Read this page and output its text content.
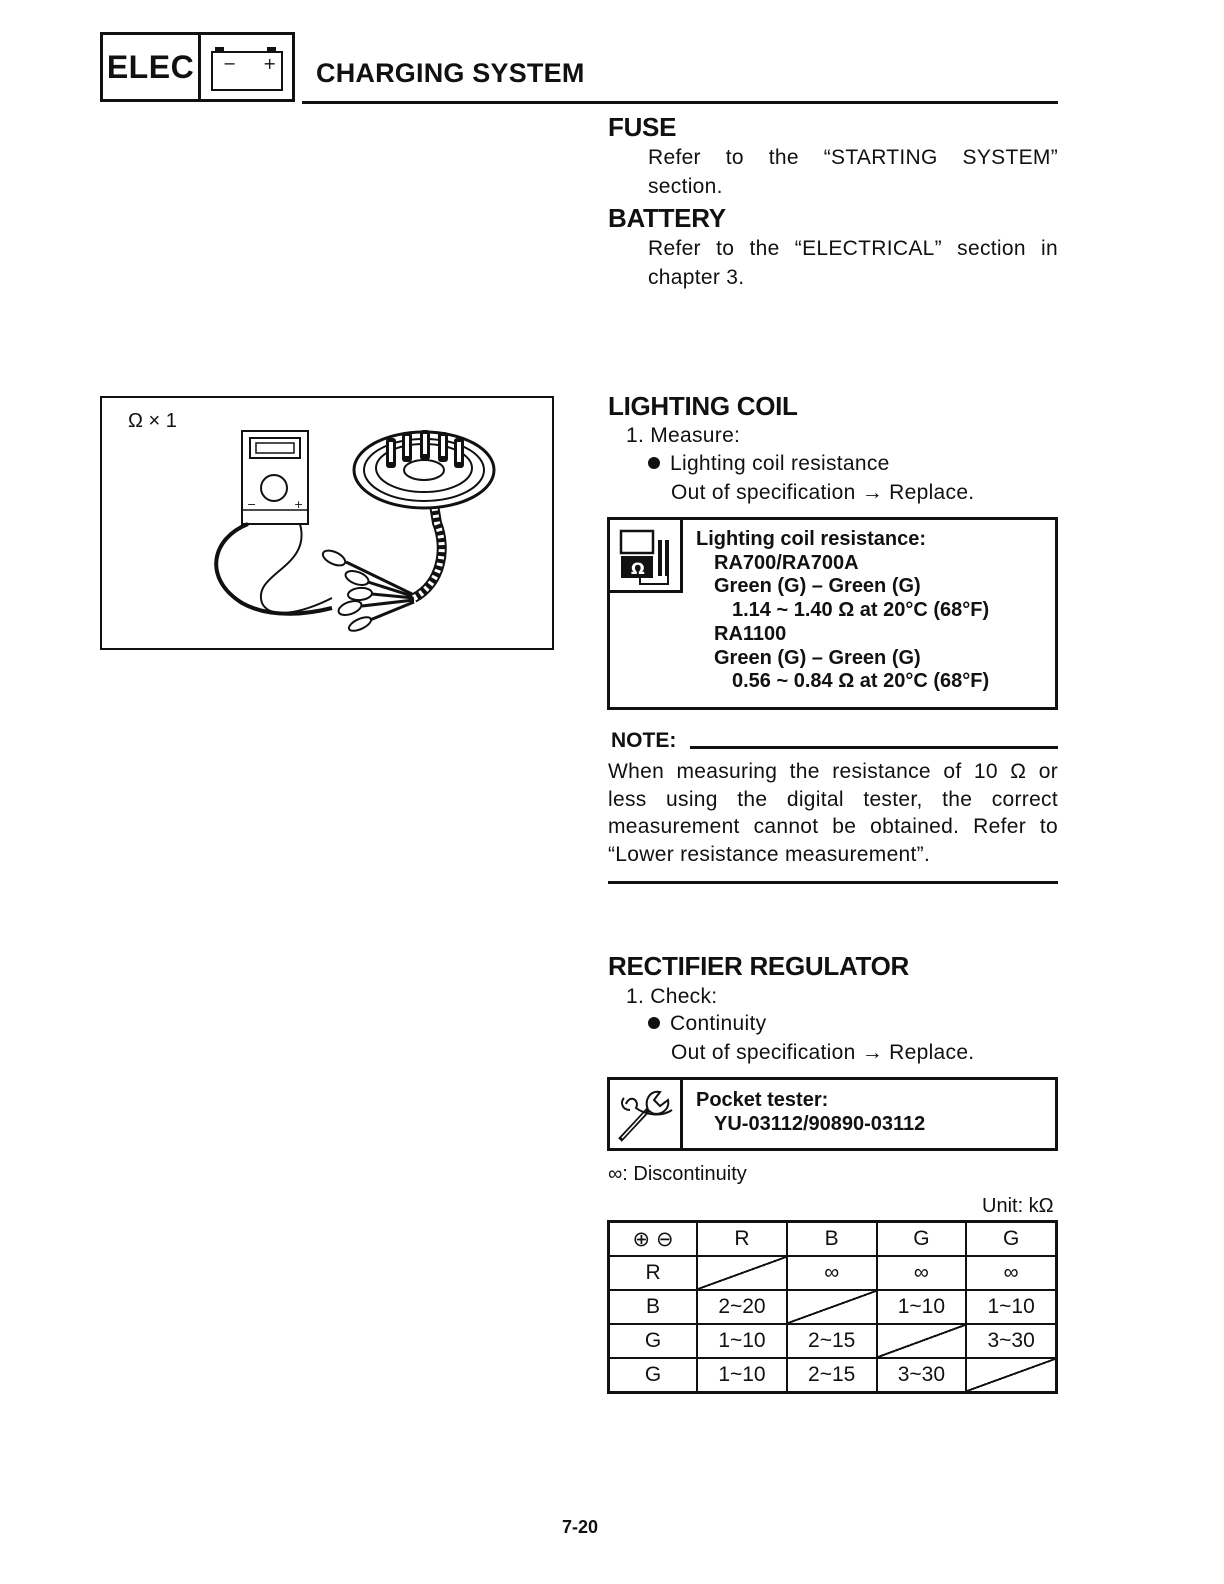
ELEC	− + CHARGING SYSTEM
FUSE
Refer to the “STARTING SYSTEM” section.
BATTERY
Refer to the “ELECTRICAL” section in chapter 3.
−	+
Ω × 1	LIGHTING COIL
1. Measure:
Lighting coil resistance
Out of specification → Replace.
Ω
Lighting coil resistance:
RA700/RA700A
Green (G) – Green (G)
1.14 ~ 1.40 Ω at 20°C (68°F)
RA1100
Green (G) – Green (G)
0.56 ~ 0.84 Ω at 20°C (68°F)
NOTE:
When measuring the resistance of 10 Ω or less using the digital tester, the correct measurement cannot be obtained. Refer to “Lower resistance measurement”.
RECTIFIER REGULATOR
1. Check:
Continuity
Out of specification → Replace.
Pocket tester:
YU-03112/90890-03112
∞: Discontinuity
Unit: kΩ
⊕ ⊖	R	B	G	G
R		∞	∞	∞
B	2~20		1~10	1~10
G	1~10	2~15		3~30
G	1~10	2~15	3~30	
7-20
